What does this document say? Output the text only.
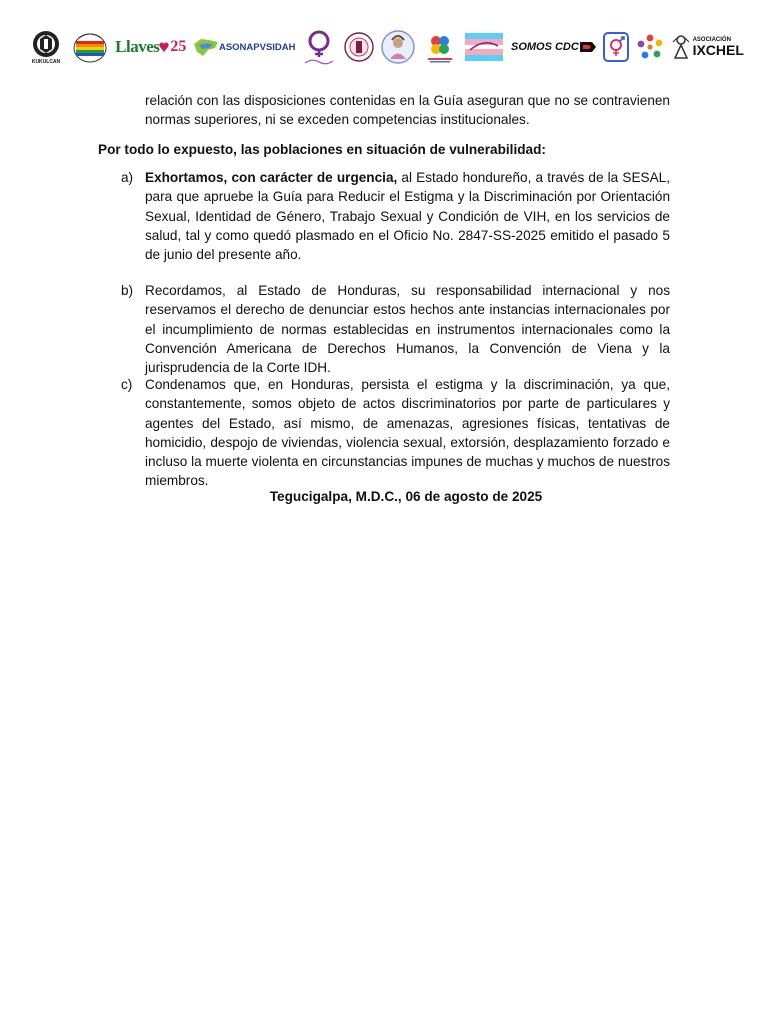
KUKULCAN
Llaves 25	ASONAPVSIDAH	SOMOS CDC
ASOCIACIÓN
IXCHEL

relación con las disposiciones contenidas en la Guía aseguran que no se contravienen normas superiores, ni se exceden competencias institucionales.

Por todo lo expuesto, las poblaciones en situación de vulnerabilidad:

a) Exhortamos, con carácter de urgencia, al Estado hondureño, a través de la SESAL, para que apruebe la Guía para Reducir el Estigma y la Discriminación por Orientación Sexual, Identidad de Género, Trabajo Sexual y Condición de VIH, en los servicios de salud, tal y como quedó plasmado en el Oficio No. 2847-SS-2025 emitido el pasado 5 de junio del presente año.

b) Recordamos, al Estado de Honduras, su responsabilidad internacional y nos reservamos el derecho de denunciar estos hechos ante instancias internacionales por el incumplimiento de normas establecidas en instrumentos internacionales como la Convención Americana de Derechos Humanos, la Convención de Viena y la jurisprudencia de la Corte IDH.

c) Condenamos que, en Honduras, persista el estigma y la discriminación, ya que, constantemente, somos objeto de actos discriminatorios por parte de particulares y agentes del Estado, así mismo, de amenazas, agresiones físicas, tentativas de homicidio, despojo de viviendas, violencia sexual, extorsión, desplazamiento forzado e incluso la muerte violenta en circunstancias impunes de muchas y muchos de nuestros miembros.

Tegucigalpa, M.D.C., 06 de agosto de 2025
